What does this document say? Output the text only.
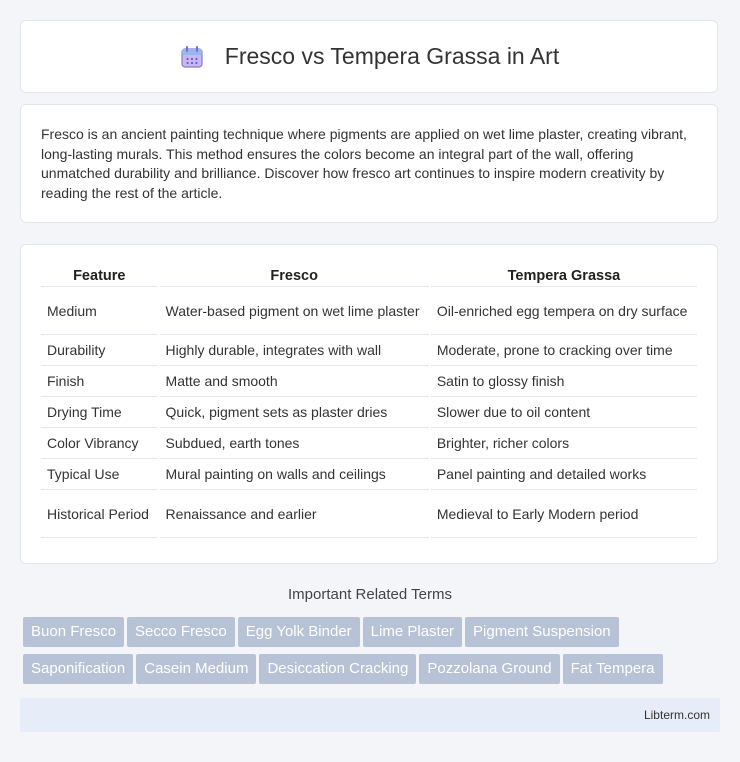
Fresco vs Tempera Grassa in Art
Fresco is an ancient painting technique where pigments are applied on wet lime plaster, creating vibrant, long-lasting murals. This method ensures the colors become an integral part of the wall, offering unmatched durability and brilliance. Discover how fresco art continues to inspire modern creativity by reading the rest of the article.
Feature	Fresco	Tempera Grassa
Medium	Water-based pigment on wet lime plaster	Oil-enriched egg tempera on dry surface
Durability	Highly durable, integrates with wall	Moderate, prone to cracking over time
Finish	Matte and smooth	Satin to glossy finish
Drying Time	Quick, pigment sets as plaster dries	Slower due to oil content
Color Vibrancy	Subdued, earth tones	Brighter, richer colors
Typical Use	Mural painting on walls and ceilings	Panel painting and detailed works
Historical Period	Renaissance and earlier	Medieval to Early Modern period
Important Related Terms
Buon Fresco Secco Fresco Egg Yolk Binder Lime Plaster Pigment Suspension
Saponification Casein Medium Desiccation Cracking Pozzolana Ground Fat Tempera
Libterm.com
